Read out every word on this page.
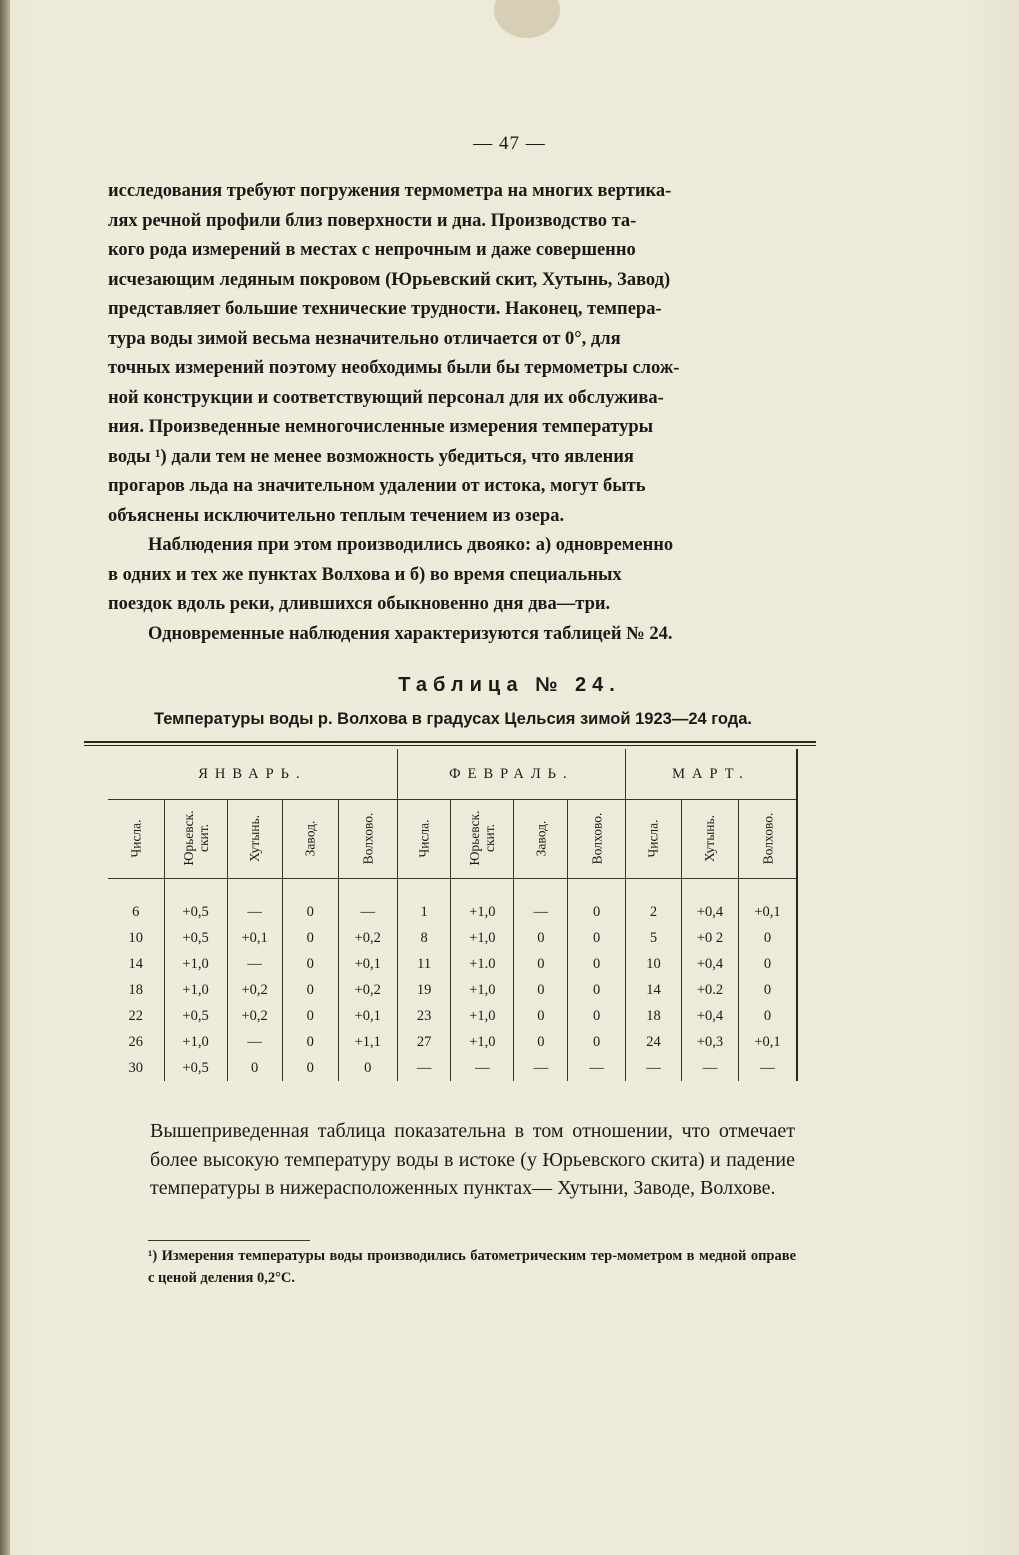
— 47 —

исследования требуют погружения термометра на многих вертика-

лях речной профили близ поверхности и дна. Производство та-

кого рода измерений в местах с непрочным и даже совершенно

исчезающим ледяным покровом (Юрьевский скит, Хутынь, Завод)

представляет большие технические трудности. Наконец, темпера-

тура воды зимой весьма незначительно отличается от 0°, для

точных измерений поэтому необходимы были бы термометры слож-

ной конструкции и соответствующий персонал для их обслужива-

ния. Произведенные немногочисленные измерения температуры

воды ¹) дали тем не менее возможность убедиться, что явления

прогаров льда на значительном удалении от истока, могут быть

объяснены исключительно теплым течением из озера.

Наблюдения при этом производились двояко: а) одновременно

в одних и тех же пунктах Волхова и б) во время специальных

поездок вдоль реки, длившихся обыкновенно дня два—три.

Одновременные наблюдения характеризуются таблицей № 24.

Таблица № 24.
Температуры воды р. Волхова в градусах Цельсия зимой 1923—24 года.
ЯНВАРЬ.					ФЕВРАЛЬ.				МАРТ.		
Числа.	Юрьевск. скит.	Хутынь.	Завод.	Волхово.	Числа.	Юрьевск. скит.	Завод.	Волхово.	Числа.	Хутынь.	Волхово.

6	+0,5	—	0	—	1	+1,0	—	0	2	+0,4	+0,1
10	+0,5	+0,1	0	+0,2	8	+1,0	0	0	5	+0 2	0
14	+1,0	—	0	+0,1	11	+1.0	0	0	10	+0,4	0
18	+1,0	+0,2	0	+0,2	19	+1,0	0	0	14	+0.2	0
22	+0,5	+0,2	0	+0,1	23	+1,0	0	0	18	+0,4	0
26	+1,0	—	0	+1,1	27	+1,0	0	0	24	+0,3	+0,1
30	+0,5	0	0	0	—	—	—	—	—	—	—
Вышеприведенная таблица показательна в том отношении, что отмечает более высокую температуру воды в истоке (у Юрьевского скита) и падение температуры в нижерасположенных пунктах— Хутыни, Заводе, Волхове.
¹) Измерения температуры воды производились батометрическим тер-мометром в медной оправе с ценой деления 0,2°С.
